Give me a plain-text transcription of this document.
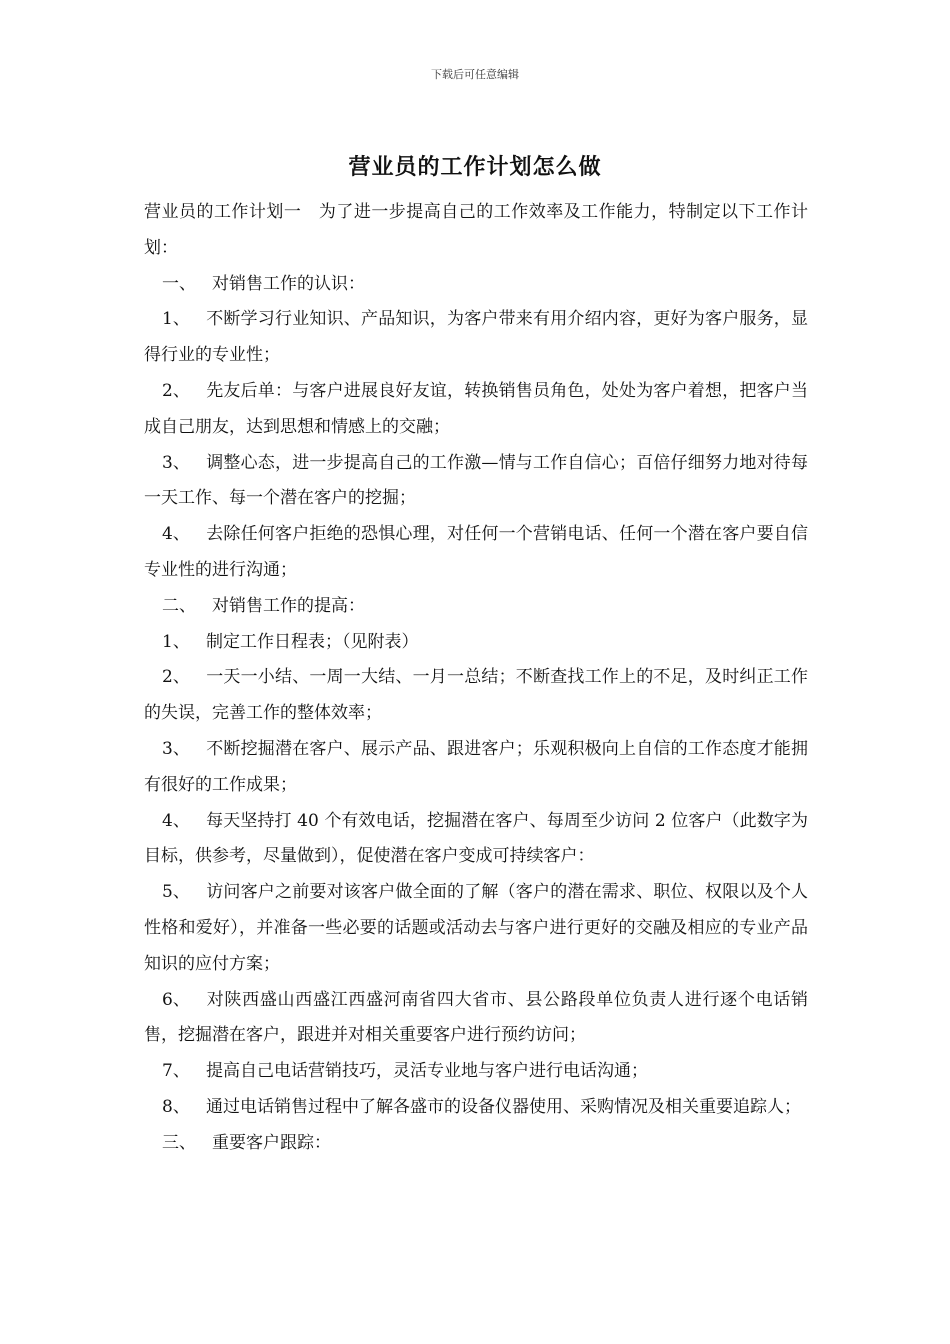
下载后可任意编辑
营业员的工作计划怎么做

营业员的工作计划一　为了进一步提高自己的工作效率及工作能力，特制定以下工作计划：

一、 对销售工作的认识：

1、 不断学习行业知识、产品知识，为客户带来有用介绍内容，更好为客户服务，显得行业的专业性；

2、 先友后单：与客户进展良好友谊，转换销售员角色，处处为客户着想，把客户当成自己朋友，达到思想和情感上的交融；

3、 调整心态，进一步提高自己的工作激—情与工作自信心；百倍仔细努力地对待每一天工作、每一个潜在客户的挖掘；

4、 去除任何客户拒绝的恐惧心理，对任何一个营销电话、任何一个潜在客户要自信专业性的进行沟通；

二、 对销售工作的提高：

1、 制定工作日程表；（见附表）

2、 一天一小结、一周一大结、一月一总结；不断查找工作上的不足，及时纠正工作的失误，完善工作的整体效率；

3、 不断挖掘潜在客户、展示产品、跟进客户；乐观积极向上自信的工作态度才能拥有很好的工作成果；

4、 每天坚持打 40 个有效电话，挖掘潜在客户、每周至少访问 2 位客户（此数字为目标，供参考，尽量做到），促使潜在客户变成可持续客户：

5、 访问客户之前要对该客户做全面的了解（客户的潜在需求、职位、权限以及个人性格和爱好），并准备一些必要的话题或活动去与客户进行更好的交融及相应的专业产品知识的应付方案；

6、 对陕西盛山西盛江西盛河南省四大省市、县公路段单位负责人进行逐个电话销售，挖掘潜在客户，跟进并对相关重要客户进行预约访问；

7、 提高自己电话营销技巧，灵活专业地与客户进行电话沟通；

8、 通过电话销售过程中了解各盛市的设备仪器使用、采购情况及相关重要追踪人；

三、 重要客户跟踪：
